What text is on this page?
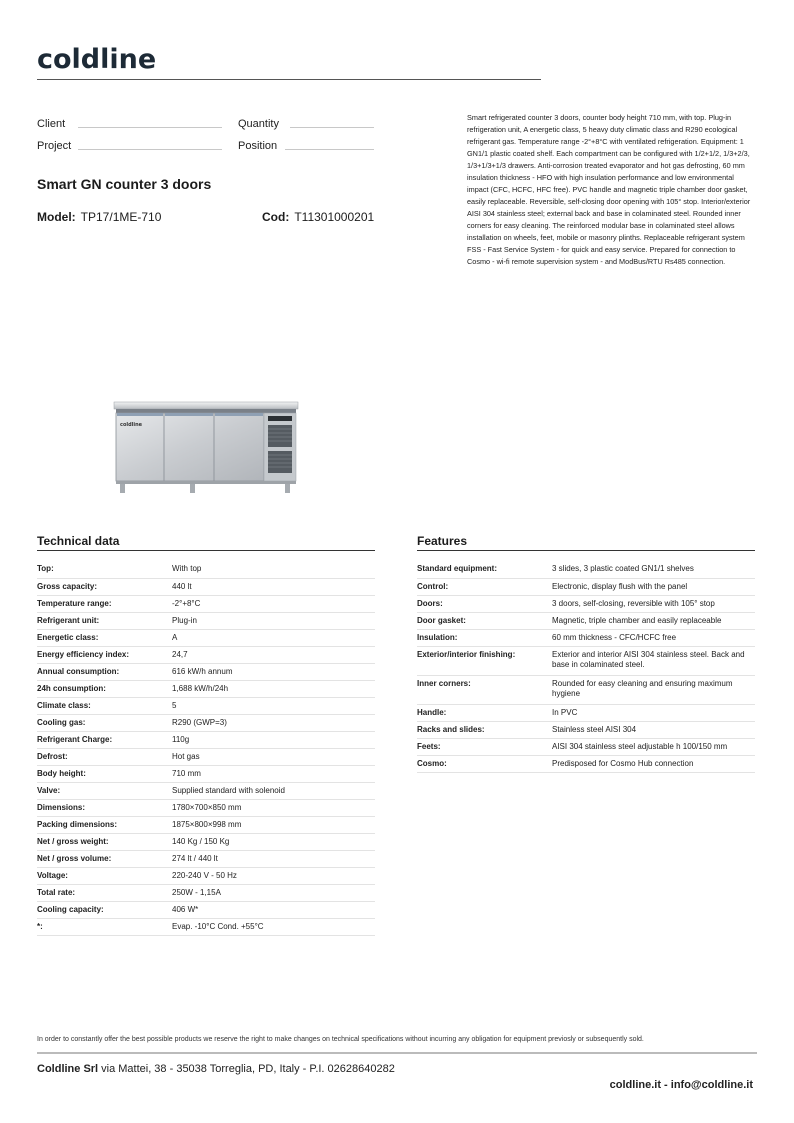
coldline
Client	Quantity
Project	Position
Smart GN counter 3 doors
Model: TP17/1ME-710	Cod: T11301000201
Smart refrigerated counter 3 doors, counter body height 710 mm, with top. Plug-in refrigeration unit, A energetic class, 5 heavy duty climatic class and R290 ecological refrigerant gas. Temperature range -2°+8°C with ventilated refrigeration. Equipment: 1 GN1/1 plastic coated shelf. Each compartment can be configured with 1/2+1/2, 1/3+2/3, 1/3+1/3+1/3 drawers. Anti-corrosion treated evaporator and hot gas defrosting, 60 mm insulation thickness - HFO with high insulation performance and low environmental impact (CFC, HCFC, HFC free). PVC handle and magnetic triple chamber door gasket, easily replaceable. Reversible, self-closing door opening with 105° stop. Interior/exterior AISI 304 stainless steel; external back and base in colaminated steel. Rounded inner corners for easy cleaning. The reinforced modular base in colaminated steel allows installation on wheels, feet, mobile or masonry plinths. Replaceable refrigerant system FSS - Fast Service System - for quick and easy service. Prepared for connection to Cosmo - wi-fi remote supervision system - and ModBus/RTU Rs485 connection.
coldline
Technical data
Top:	With top
Gross capacity:	440 lt
Temperature range:	-2°+8°C
Refrigerant unit:	Plug-in
Energetic class:	A
Energy efficiency index:	24,7
Annual consumption:	616 kW/h annum
24h consumption:	1,688 kW/h/24h
Climate class:	5
Cooling gas:	R290 (GWP=3)
Refrigerant Charge:	110g
Defrost:	Hot gas
Body height:	710 mm
Valve:	Supplied standard with solenoid
Dimensions:	1780×700×850 mm
Packing dimensions:	1875×800×998 mm
Net / gross weight:	140 Kg / 150 Kg
Net / gross volume:	274 lt / 440 lt
Voltage:	220-240 V - 50 Hz
Total rate:	250W - 1,15A
Cooling capacity:	406 W*
*:	Evap. -10°C Cond. +55°C
Features
Standard equipment:	3 slides, 3 plastic coated GN1/1 shelves
Control:	Electronic, display flush with the panel
Doors:	3 doors, self-closing, reversible with 105° stop
Door gasket:	Magnetic, triple chamber and easily replaceable
Insulation:	60 mm thickness - CFC/HCFC free
Exterior/interior finishing:	Exterior and interior AISI 304 stainless steel. Back and base in colaminated steel.
Inner corners:	Rounded for easy cleaning and ensuring maximum hygiene
Handle:	In PVC
Racks and slides:	Stainless steel AISI 304
Feets:	AISI 304 stainless steel adjustable h 100/150 mm
Cosmo:	Predisposed for Cosmo Hub connection
In order to constantly offer the best possible products we reserve the right to make changes on technical specifications without incurring any obligation for equipment previosly or subsequently sold.
Coldline Srl via Mattei, 38 - 35038 Torreglia, PD, Italy - P.I. 02628640282
coldline.it - info@coldline.it
